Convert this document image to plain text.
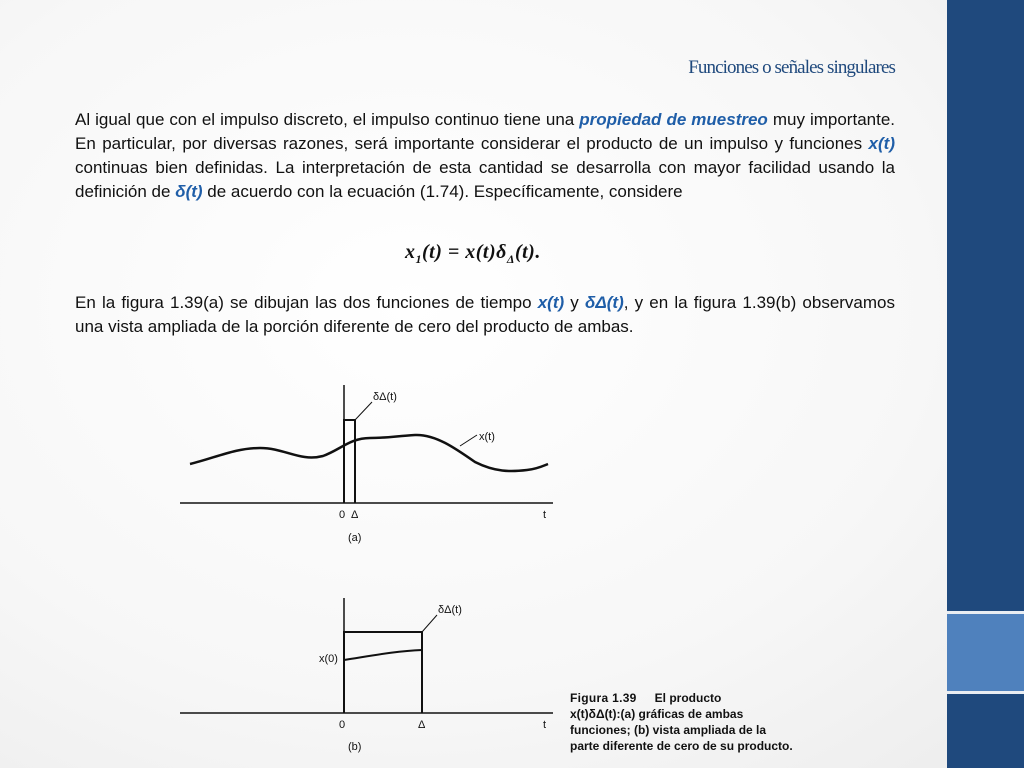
Funciones o señales singulares
Al igual que con el impulso discreto, el impulso continuo tiene una propiedad de muestreo muy importante. En particular, por diversas razones, será importante considerar el producto de un impulso y funciones x(t) continuas bien definidas. La interpretación de esta cantidad se desarrolla con mayor facilidad usando la definición de δ(t) de acuerdo con la ecuación (1.74). Específicamente, considere
$x_1(t) = x(t)\delta_\Delta(t)$.
En la figura 1.39(a) se dibujan las dos funciones de tiempo x(t) y δΔ(t), y en la figura 1.39(b) observamos una vista ampliada de la porción diferente de cero del producto de ambas.
δΔ(t)
x(t)
0 Δ	t
(a)
δΔ(t)
x(0)
0	Δ	t
(b)
Figura 1.39 El producto
x(t)δΔ(t):(a) gráficas de ambas funciones; (b) vista ampliada de la parte diferente de cero de su producto.
